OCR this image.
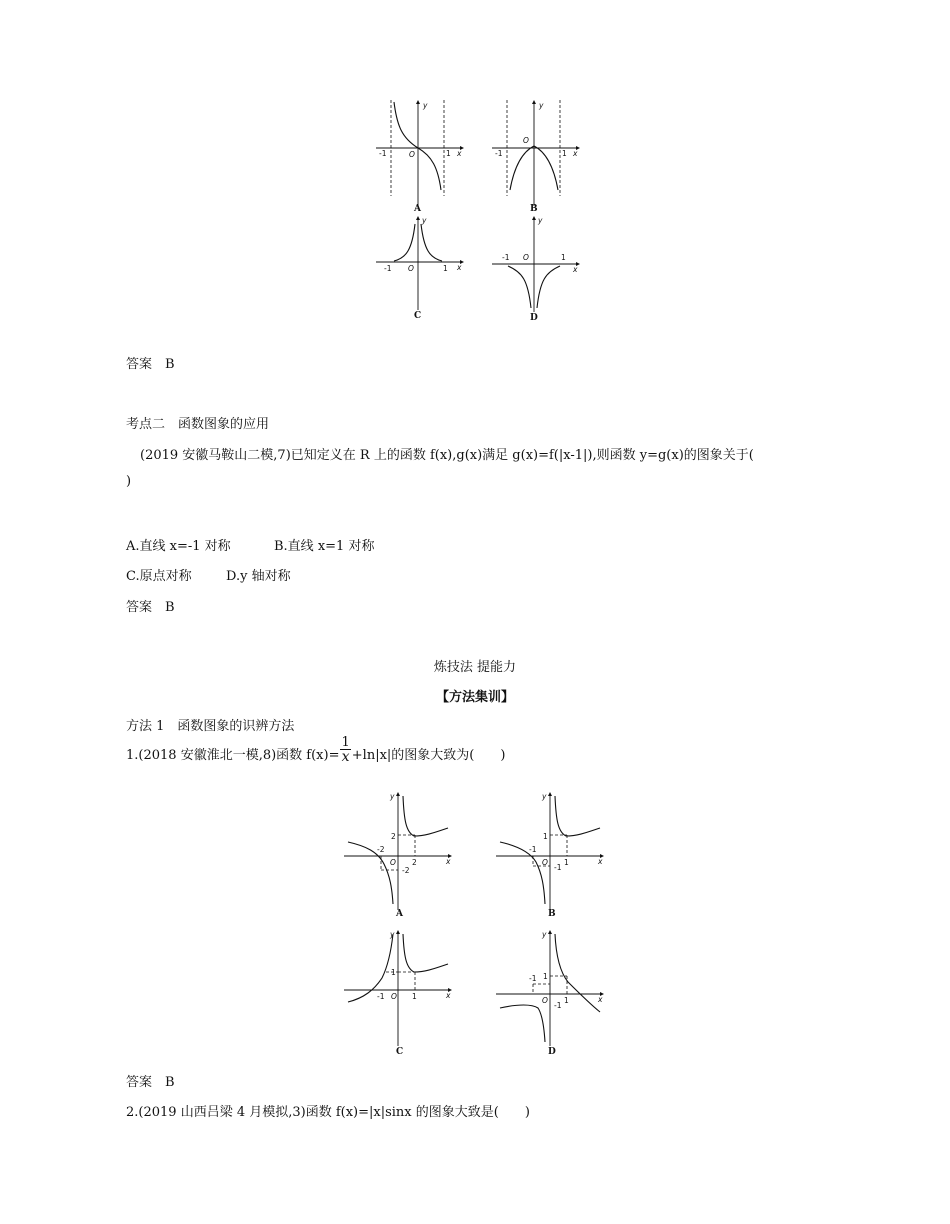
-1	1
O
y
x
A
-1	1
O
y
x
B
-1	1
O
y
x
C
-1	1
O
y
x
D
答案　B
考点二　函数图象的应用
(2019 安徽马鞍山二模,7)已知定义在 R 上的函数 f(x),g(x)满足 g(x)=f(|x-1|),则函数 y=g(x)的图象关于(
)
A.直线 x=-1 对称	B.直线 x=1 对称
C.原点对称	D.y 轴对称
答案　B
炼技法 提能力
【方法集训】
方法 1　函数图象的识辨方法
1.(2018 安徽淮北一模,8)函数 $f(x)= \frac{1}{x} +\ln|x|$的图象大致为(　　)
-2
2
2
-2
O
y
x
A
-1
1
1
-1
O
y
x
B
-1	1
1
O
y
x
C
-1
1
1
-1
O
y
x
D
答案　B
2.(2019 山西吕梁 4 月模拟,3)函数 f(x)=|x|sinx 的图象大致是(　　)
